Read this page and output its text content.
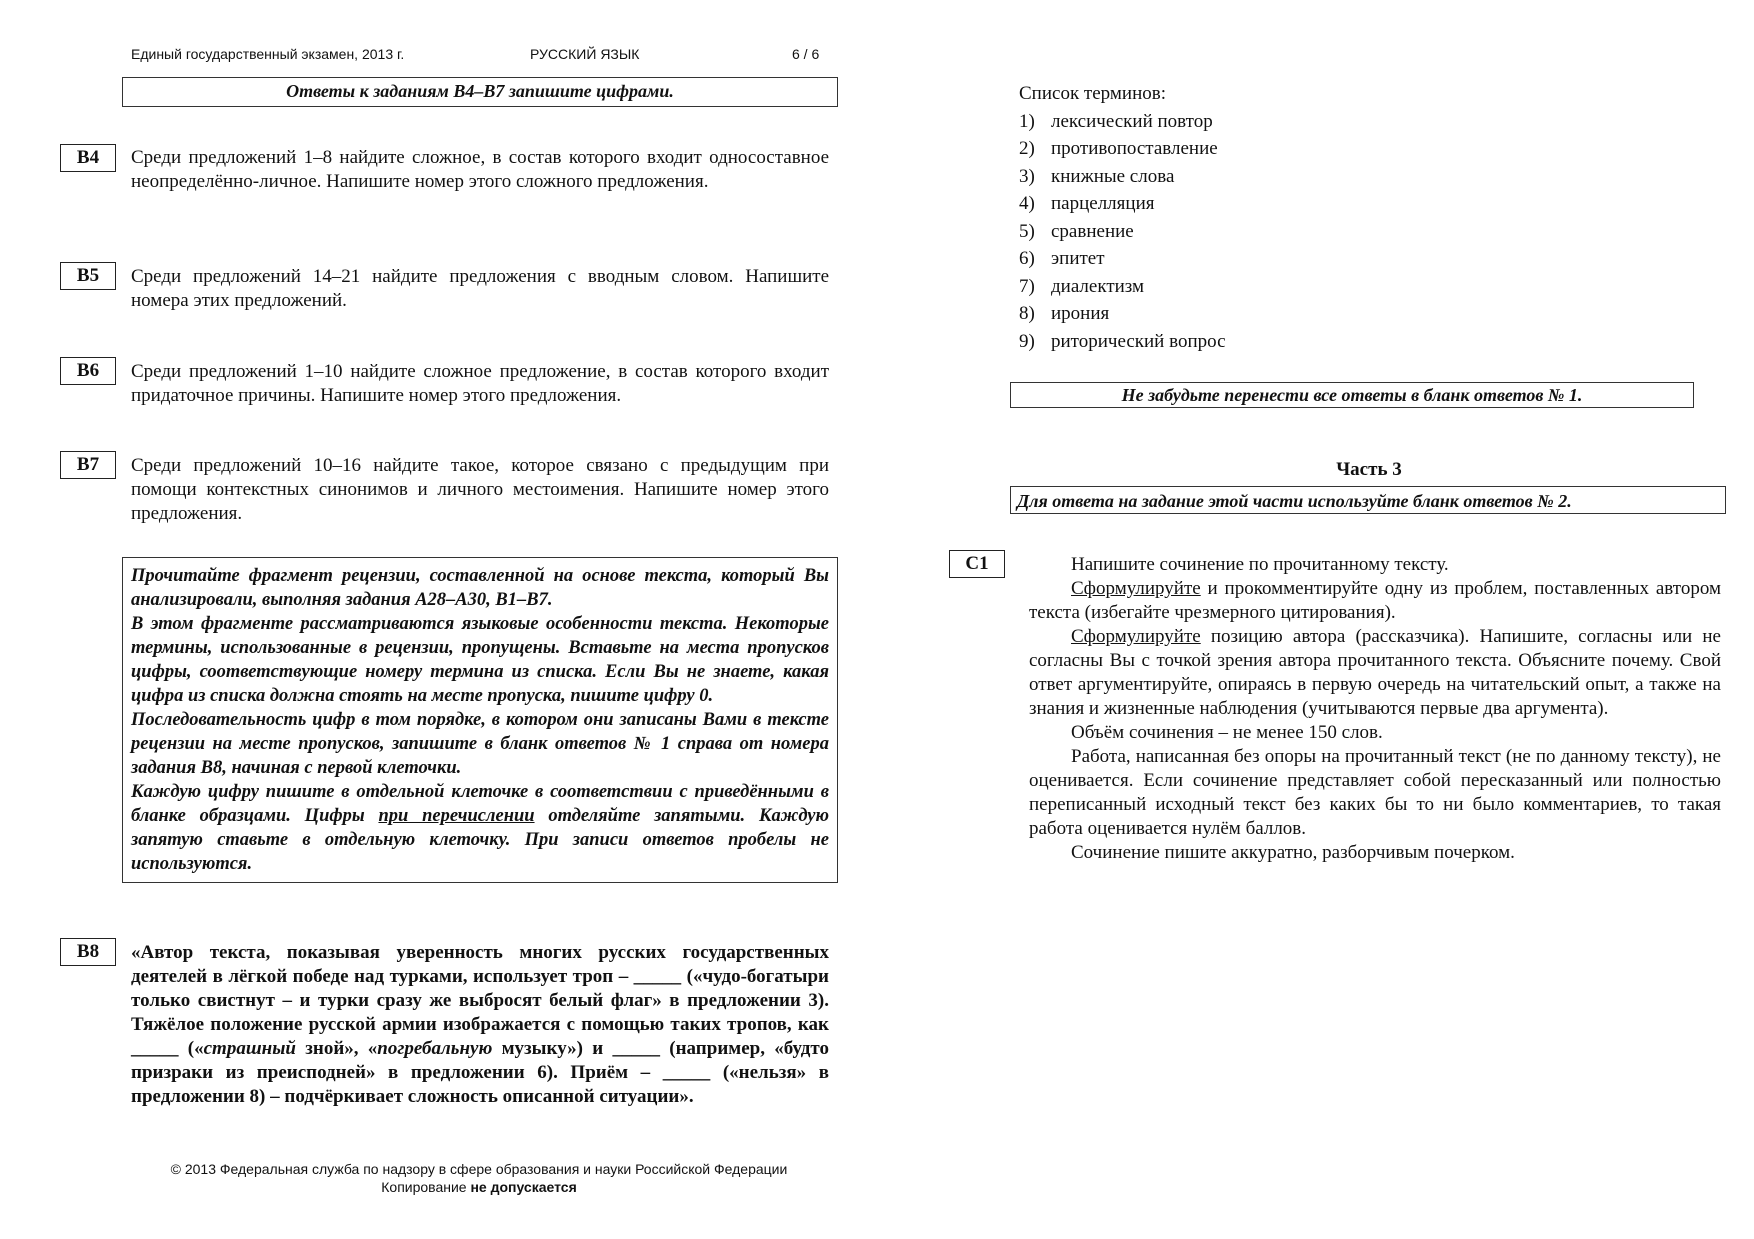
Единый государственный экзамен, 2013 г.	РУССКИЙ ЯЗЫК	6 / 6
Ответы к заданиям В4–В7 запишите цифрами.
В4	Среди предложений 1–8 найдите сложное, в состав которого входит односоставное неопределённо-личное. Напишите номер этого сложного предложения.
В5	Среди предложений 14–21 найдите предложения с вводным словом. Напишите номера этих предложений.
В6	Среди предложений 1–10 найдите сложное предложение, в состав которого входит придаточное причины. Напишите номер этого предложения.
В7	Среди предложений 10–16 найдите такое, которое связано с предыдущим при помощи контекстных синонимов и личного местоимения. Напишите номер этого предложения.

Прочитайте фрагмент рецензии, составленной на основе текста, который Вы анализировали, выполняя задания А28–А30, В1–В7.

В этом фрагменте рассматриваются языковые особенности текста. Некоторые термины, использованные в рецензии, пропущены. Вставьте на места пропусков цифры, соответствующие номеру термина из списка. Если Вы не знаете, какая цифра из списка должна стоять на месте пропуска, пишите цифру 0.

Последовательность цифр в том порядке, в котором они записаны Вами в тексте рецензии на месте пропусков, запишите в бланк ответов № 1 справа от номера задания В8, начиная с первой клеточки.

Каждую цифру пишите в отдельной клеточке в соответствии с приведёнными в бланке образцами. Цифры при перечислении отделяйте запятыми. Каждую запятую ставьте в отдельную клеточку. При записи ответов пробелы не используются.

В8	«Автор текста, показывая уверенность многих русских государственных деятелей в лёгкой победе над турками, использует троп – _____ («чудо-богатыри только свистнут – и турки сразу же выбросят белый флаг» в предложении 3). Тяжёлое положение русской армии изображается с помощью таких тропов, как _____ («страшный зной», «погребальную музыку») и _____ (например, «будто призраки из преисподней» в предложении 6). Приём – _____ («нельзя» в предложении 8) – подчёркивает сложность описанной ситуации».
© 2013 Федеральная служба по надзору в сфере образования и науки Российской Федерации
Копирование не допускается
Список терминов:
1) лексический повтор
2) противопоставление
3) книжные слова
4) парцелляция
5) сравнение
6) эпитет
7) диалектизм
8) ирония
9) риторический вопрос
Не забудьте перенести все ответы в бланк ответов № 1.
Часть 3
Для ответа на задание этой части используйте бланк ответов № 2.
С1	Напишите сочинение по прочитанному тексту.

Сформулируйте и прокомментируйте одну из проблем, поставленных автором текста (избегайте чрезмерного цитирования).

Сформулируйте позицию автора (рассказчика). Напишите, согласны или не согласны Вы с точкой зрения автора прочитанного текста. Объясните почему. Свой ответ аргументируйте, опираясь в первую очередь на читательский опыт, а также на знания и жизненные наблюдения (учитываются первые два аргумента).

Объём сочинения – не менее 150 слов.

Работа, написанная без опоры на прочитанный текст (не по данному тексту), не оценивается. Если сочинение представляет собой пересказанный или полностью переписанный исходный текст без каких бы то ни было комментариев, то такая работа оценивается нулём баллов.

Сочинение пишите аккуратно, разборчивым почерком.
